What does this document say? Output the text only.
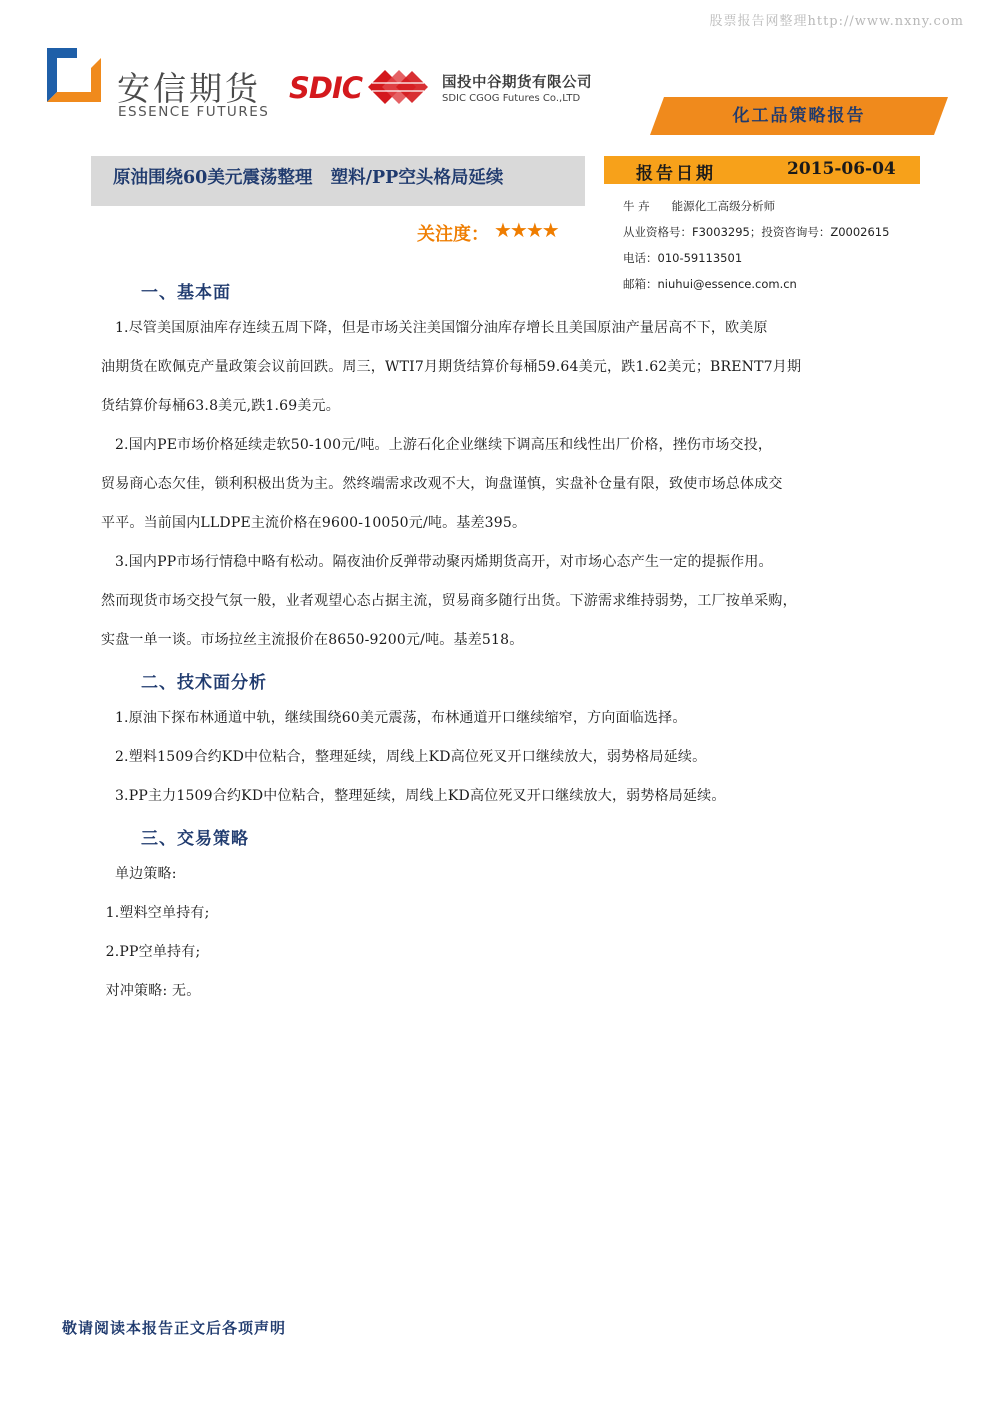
股票报告网整理http://www.nxny.com
安信期货
ESSENCE FUTURES
SDIC	国投中谷期货有限公司
SDIC CGOG Futures Co.,LTD
化工品策略报告
原油围绕60美元震荡整理   塑料/PP空头格局延续	报告日期	2015-06-04
关注度： ★★★★
牛 卉      能源化工高级分析师
从业资格号：F3003295；投资咨询号：Z0002615
电话：010-59113501
邮箱：niuhui@essence.com.cn
一、基本面
1.尽管美国原油库存连续五周下降，但是市场关注美国馏分油库存增长且美国原油产量居高不下，欧美原
油期货在欧佩克产量政策会议前回跌。周三，WTI7月期货结算价每桶59.64美元，跌1.62美元；BRENT7月期
货结算价每桶63.8美元,跌1.69美元。
2.国内PE市场价格延续走软50-100元/吨。上游石化企业继续下调高压和线性出厂价格，挫伤市场交投，
贸易商心态欠佳，锁利积极出货为主。然终端需求改观不大，询盘谨慎，实盘补仓量有限，致使市场总体成交
平平。当前国内LLDPE主流价格在9600-10050元/吨。基差395。
3.国内PP市场行情稳中略有松动。隔夜油价反弹带动聚丙烯期货高开，对市场心态产生一定的提振作用。
然而现货市场交投气氛一般，业者观望心态占据主流，贸易商多随行出货。下游需求维持弱势，工厂按单采购，
实盘一单一谈。市场拉丝主流报价在8650-9200元/吨。基差518。
二、技术面分析
1.原油下探布林通道中轨，继续围绕60美元震荡，布林通道开口继续缩窄，方向面临选择。
2.塑料1509合约KD中位粘合，整理延续，周线上KD高位死叉开口继续放大，弱势格局延续。
3.PP主力1509合约KD中位粘合，整理延续，周线上KD高位死叉开口继续放大，弱势格局延续。
三、交易策略
单边策略:
1.塑料空单持有;
2.PP空单持有;
对冲策略: 无。
敬请阅读本报告正文后各项声明
